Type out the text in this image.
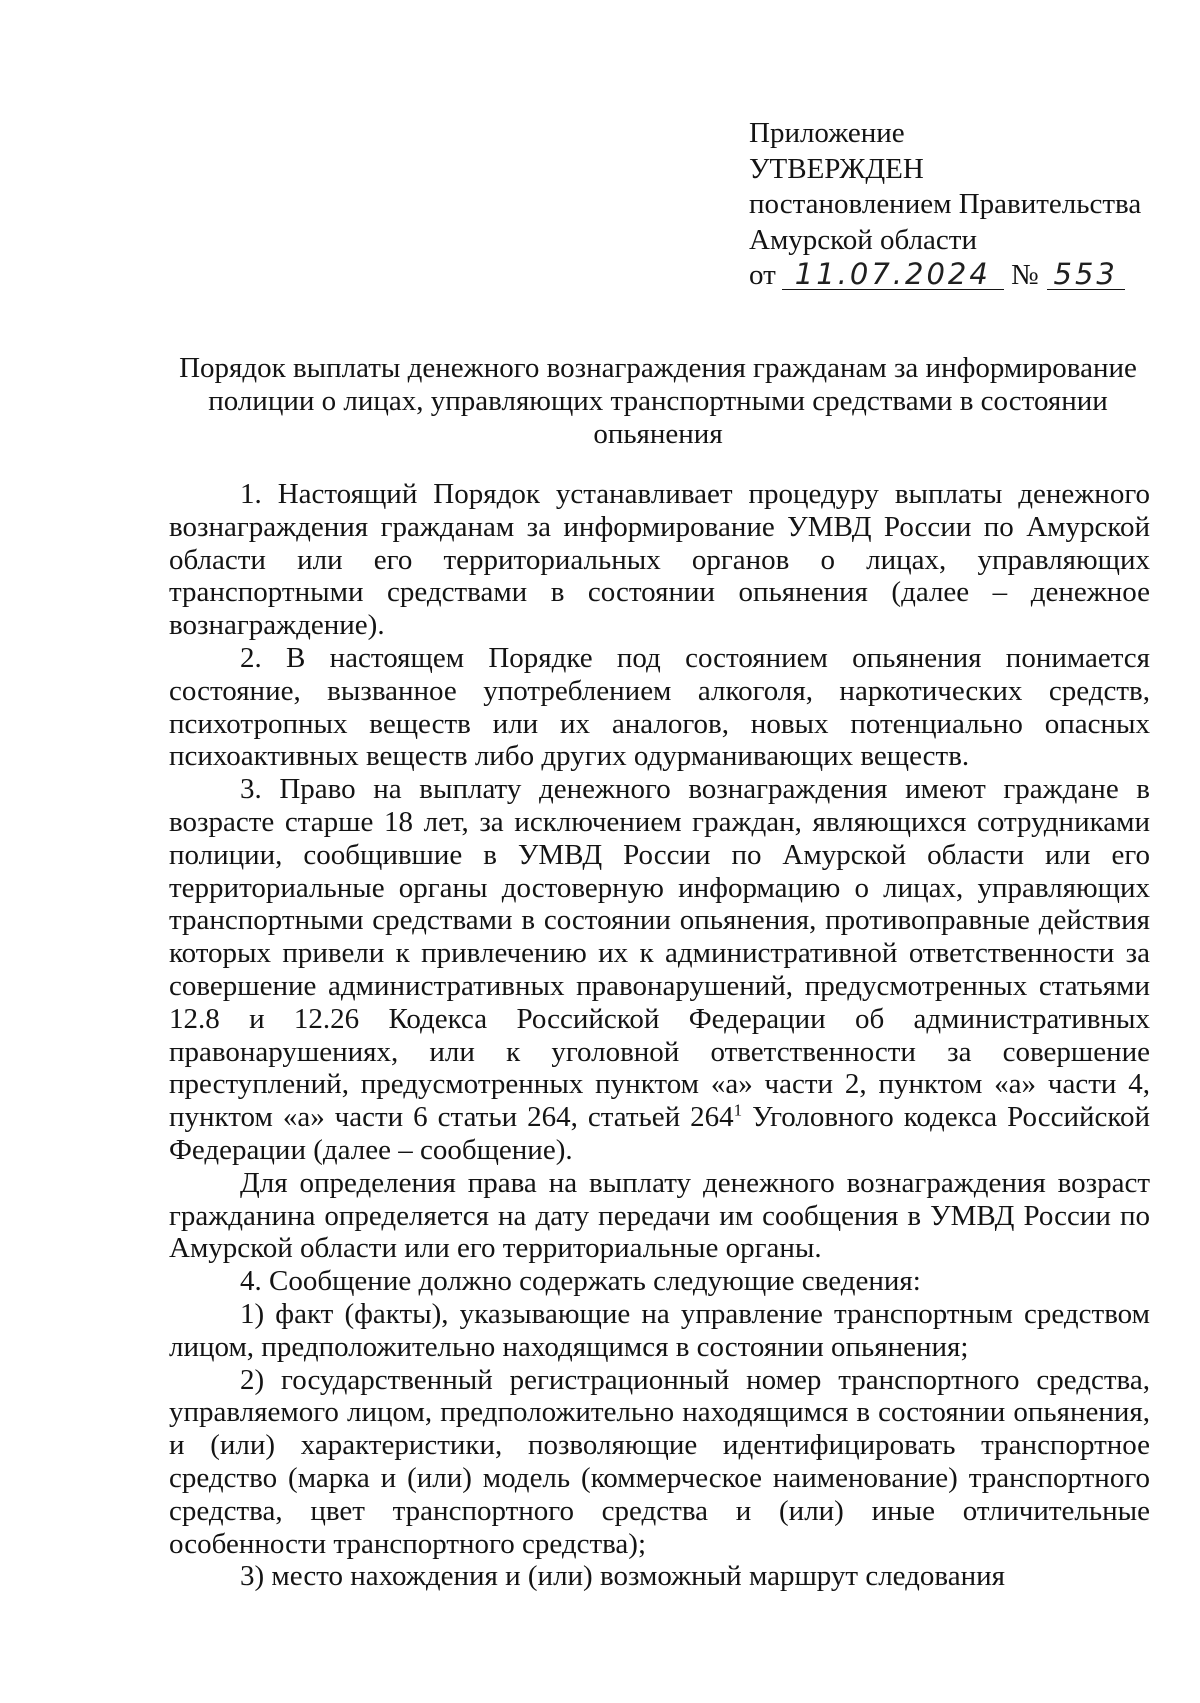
Приложение
УТВЕРЖДЕН
постановлением Правительства
Амурской области
от 11.07.2024 № 553
Порядок выплаты денежного вознаграждения гражданам за информирование
полиции о лицах, управляющих транспортными средствами в состоянии
опьянения

1. Настоящий Порядок устанавливает процедуру выплаты денежного вознаграждения гражданам за информирование УМВД России по Амурской области или его территориальных органов о лицах, управляющих транспортными средствами в состоянии опьянения (далее – денежное вознаграждение).

2. В настоящем Порядке под состоянием опьянения понимается состояние, вызванное употреблением алкоголя, наркотических средств, психотропных веществ или их аналогов, новых потенциально опасных психоактивных веществ либо других одурманивающих веществ.

3. Право на выплату денежного вознаграждения имеют граждане в возрасте старше 18 лет, за исключением граждан, являющихся сотрудниками полиции, сообщившие в УМВД России по Амурской области или его территориальные органы достоверную информацию о лицах, управляющих транспортными средствами в состоянии опьянения, противоправные действия которых привели к привлечению их к административной ответственности за совершение административных правонарушений, предусмотренных статьями 12.8 и 12.26 Кодекса Российской Федерации об административных правонарушениях, или к уголовной ответственности за совершение преступлений, предусмотренных пунктом «а» части 2, пунктом «а» части 4, пунктом «а» части 6 статьи 264, статьей $264^1$ Уголовного кодекса Российской Федерации (далее – сообщение).

Для определения права на выплату денежного вознаграждения возраст гражданина определяется на дату передачи им сообщения в УМВД России по Амурской области или его территориальные органы.

4. Сообщение должно содержать следующие сведения:

1) факт (факты), указывающие на управление транспортным средством лицом, предположительно находящимся в состоянии опьянения;

2) государственный регистрационный номер транспортного средства, управляемого лицом, предположительно находящимся в состоянии опьянения, и (или) характеристики, позволяющие идентифицировать транспортное средство (марка и (или) модель (коммерческое наименование) транспортного средства, цвет транспортного средства и (или) иные отличительные особенности транспортного средства);

3) место нахождения и (или) возможный маршрут следования
